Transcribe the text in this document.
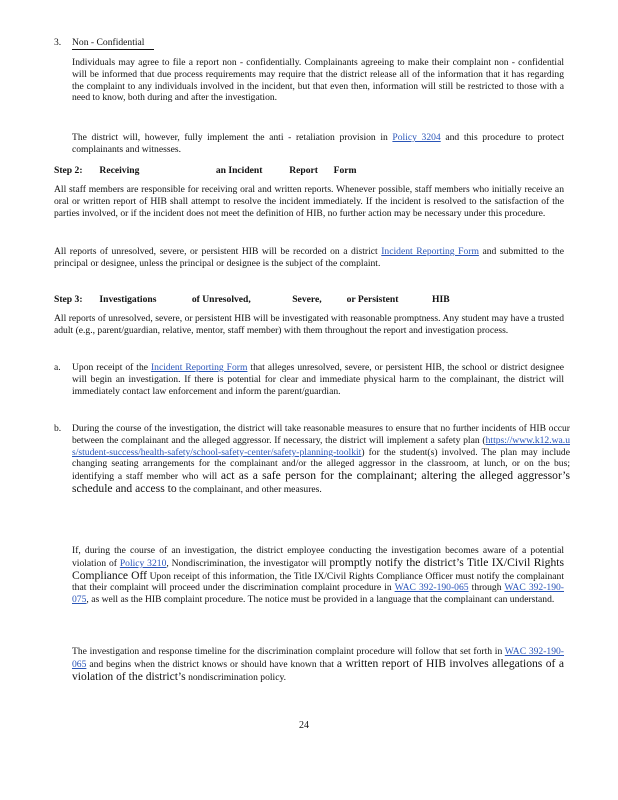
3. Non - Confidential

Individuals may agree to file a report non - confidentially. Complainants agreeing to make their complaint non - confidential will be informed that due process requirements may require that the district release all of the information that it has regarding the complaint to any individuals involved in the incident, but that even then, information will still be restricted to those with a need to know, both during and after the investigation.

The district will, however, fully implement the anti - retaliation provision in Policy 3204 and this procedure to protect complainants and witnesses.

Step 2: Receiving	an Incident	Report Form

All staff members are responsible for receiving oral and written reports. Whenever possible, staff members who initially receive an oral or written report of HIB shall attempt to resolve the incident immediately. If the incident is resolved to the satisfaction of the parties involved, or if the incident does not meet the definition of HIB, no further action may be necessary under this procedure.

All reports of unresolved, severe, or persistent HIB will be recorded on a district Incident Reporting Form and submitted to the principal or designee, unless the principal or designee is the subject of the complaint.

Step 3: Investigations	of Unresolved,	Severe,	or Persistent	HIB

All reports of unresolved, severe, or persistent HIB will be investigated with reasonable promptness. Any student may have a trusted adult (e.g., parent/guardian, relative, mentor, staff member) with them throughout the report and investigation process.

a. Upon receipt of the Incident Reporting Form that alleges unresolved, severe, or persistent HIB, the school or district designee will begin an investigation. If there is potential for clear and immediate physical harm to the complainant, the district will immediately contact law enforcement and inform the parent/guardian.

b. During the course of the investigation, the district will take reasonable measures to ensure that no further incidents of HIB occur between the complainant and the alleged aggressor. If necessary, the district will implement a safety plan (https://www.k12.wa.us/student-success/health-safety/school-safety-center/safety-planning-toolkit) for the student(s) involved. The plan may include changing seating arrangements for the complainant and/or the alleged aggressor in the classroom, at lunch, or on the bus; identifying a staff member who will act as a safe person for the complainant; altering the alleged aggressor’s schedule and access to the complainant, and other measures.

If, during the course of an investigation, the district employee conducting the investigation becomes aware of a potential violation of Policy 3210, Nondiscrimination, the investigator will promptly notify the district’s Title IX/Civil Rights Compliance Off Upon receipt of this information, the Title IX/Civil Rights Compliance Officer must notify the complainant that their complaint will proceed under the discrimination complaint procedure in WAC 392-190-065 through WAC 392-190-075, as well as the HIB complaint procedure. The notice must be provided in a language that the complainant can understand.

The investigation and response timeline for the discrimination complaint procedure will follow that set forth in WAC 392-190-065 and begins when the district knows or should have known that a written report of HIB involves allegations of a violation of the district’s nondiscrimination policy.

24
